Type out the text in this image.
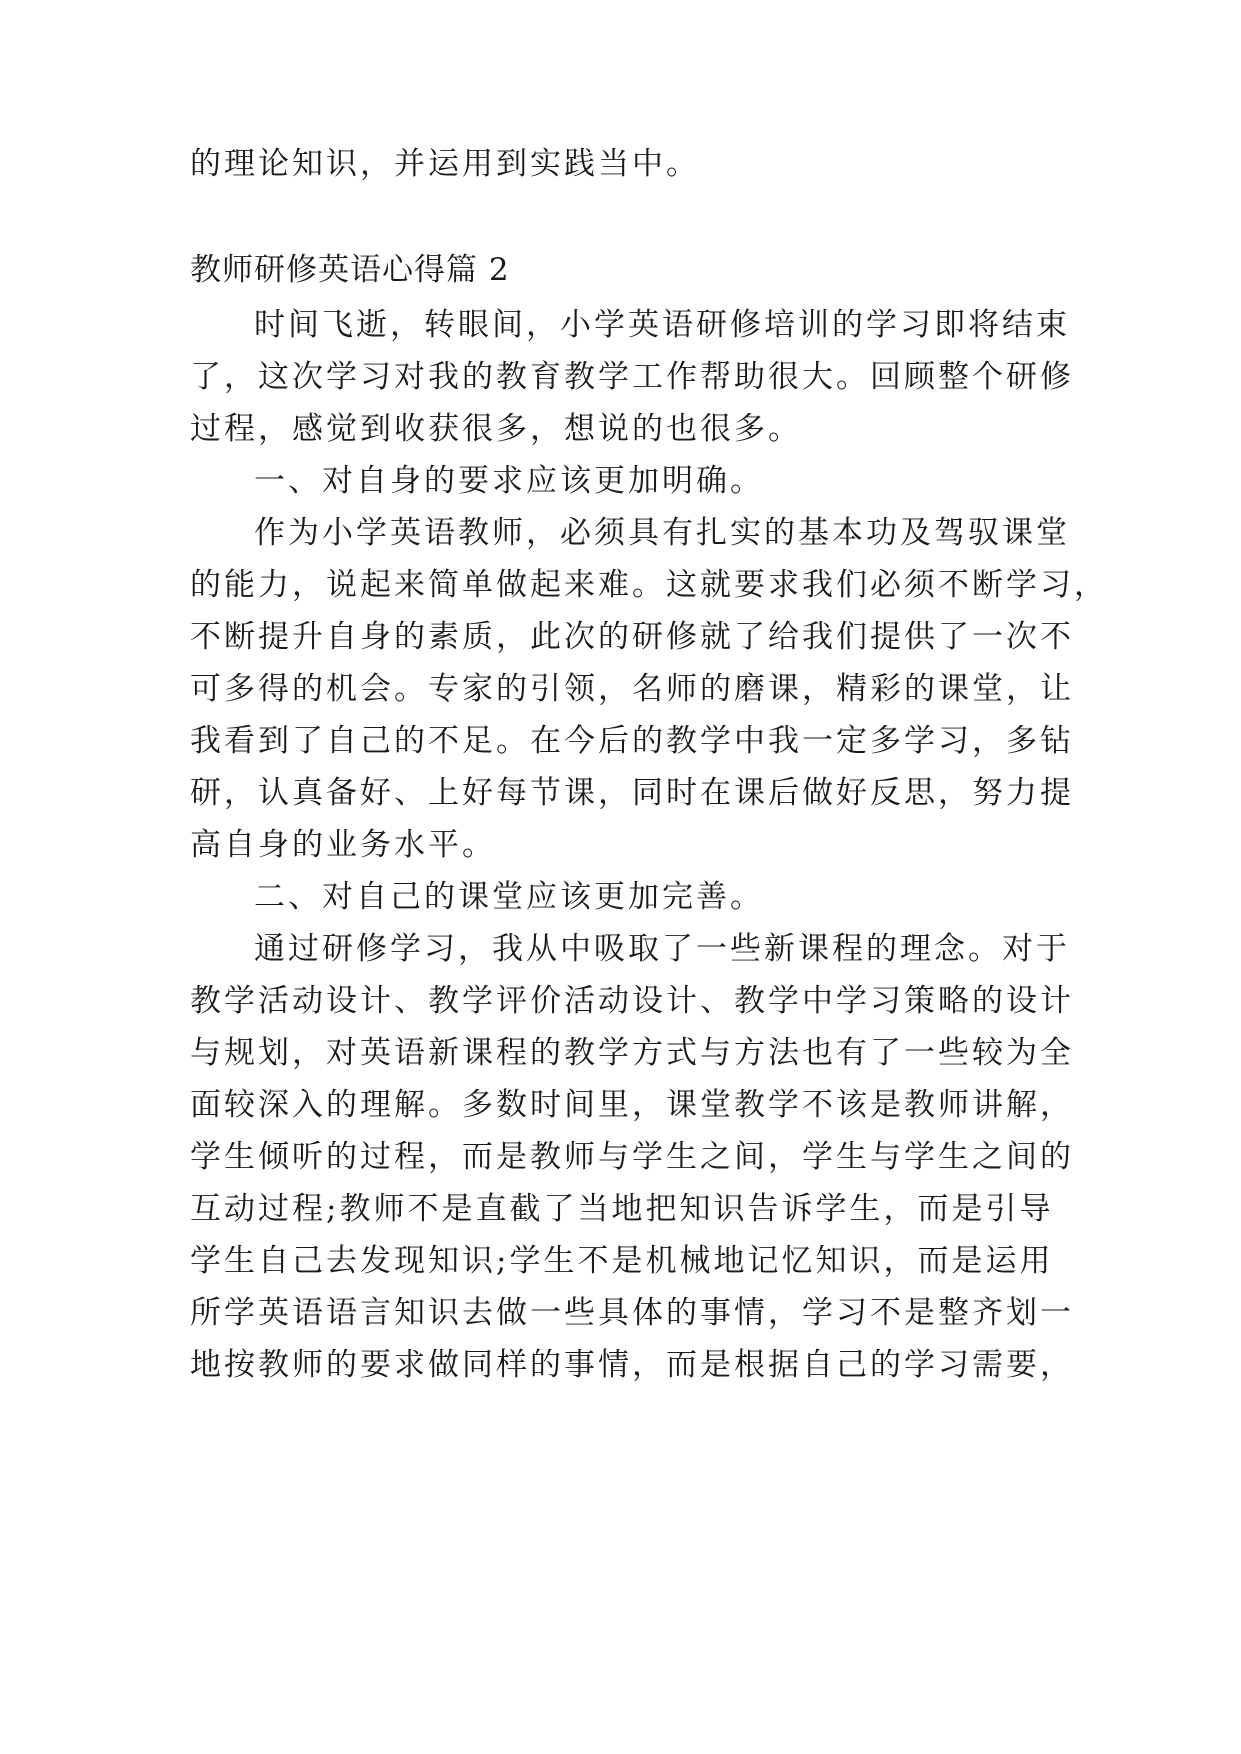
的理论知识，并运用到实践当中。
教师研修英语心得篇 2
时间飞逝，转眼间，小学英语研修培训的学习即将结束
了，这次学习对我的教育教学工作帮助很大。回顾整个研修
过程，感觉到收获很多，想说的也很多。
一、对自身的要求应该更加明确。
作为小学英语教师，必须具有扎实的基本功及驾驭课堂
的能力，说起来简单做起来难。这就要求我们必须不断学习，
不断提升自身的素质，此次的研修就了给我们提供了一次不
可多得的机会。专家的引领，名师的磨课，精彩的课堂，让
我看到了自己的不足。在今后的教学中我一定多学习，多钻
研，认真备好、上好每节课，同时在课后做好反思，努力提
高自身的业务水平。
二、对自己的课堂应该更加完善。
通过研修学习，我从中吸取了一些新课程的理念。对于
教学活动设计、教学评价活动设计、教学中学习策略的设计
与规划，对英语新课程的教学方式与方法也有了一些较为全
面较深入的理解。多数时间里，课堂教学不该是教师讲解，
学生倾听的过程，而是教师与学生之间，学生与学生之间的
互动过程;教师不是直截了当地把知识告诉学生，而是引导
学生自己去发现知识;学生不是机械地记忆知识，而是运用
所学英语语言知识去做一些具体的事情，学习不是整齐划一
地按教师的要求做同样的事情，而是根据自己的学习需要，
